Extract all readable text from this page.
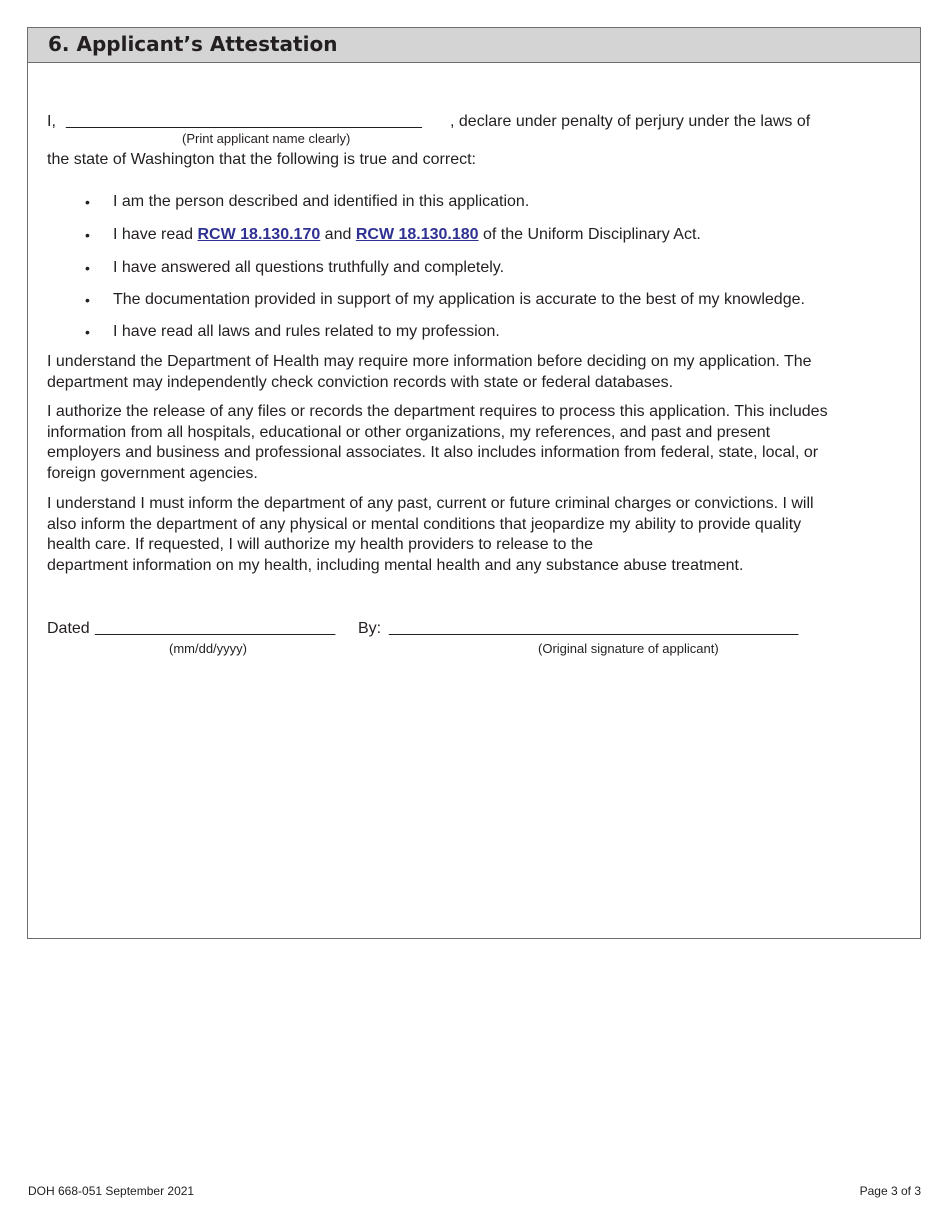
6. Applicant’s Attestation
I, ________________________________________ , declare under penalty of perjury under the laws of
(Print applicant name clearly)
the state of Washington that the following is true and correct:
• I am the person described and identified in this application.
• I have read RCW 18.130.170 and RCW 18.130.180 of the Uniform Disciplinary Act.
• I have answered all questions truthfully and completely.
• The documentation provided in support of my application is accurate to the best of my knowledge.
• I have read all laws and rules related to my profession.
I understand the Department of Health may require more information before deciding on my application. The
department may independently check conviction records with state or federal databases.
I authorize the release of any files or records the department requires to process this application. This includes
information from all hospitals, educational or other organizations, my references, and past and present
employers and business and professional associates. It also includes information from federal, state, local, or
foreign government agencies.
I understand I must inform the department of any past, current or future criminal charges or convictions. I will
also inform the department of any physical or mental conditions that jeopardize my ability to provide quality
health care. If requested, I will authorize my health providers to release to the
department information on my health, including mental health and any substance abuse treatment.
Dated ___________________________ By: ______________________________________________
(mm/dd/yyyy)	(Original signature of applicant)
DOH 668-051 September 2021	Page 3 of 3
